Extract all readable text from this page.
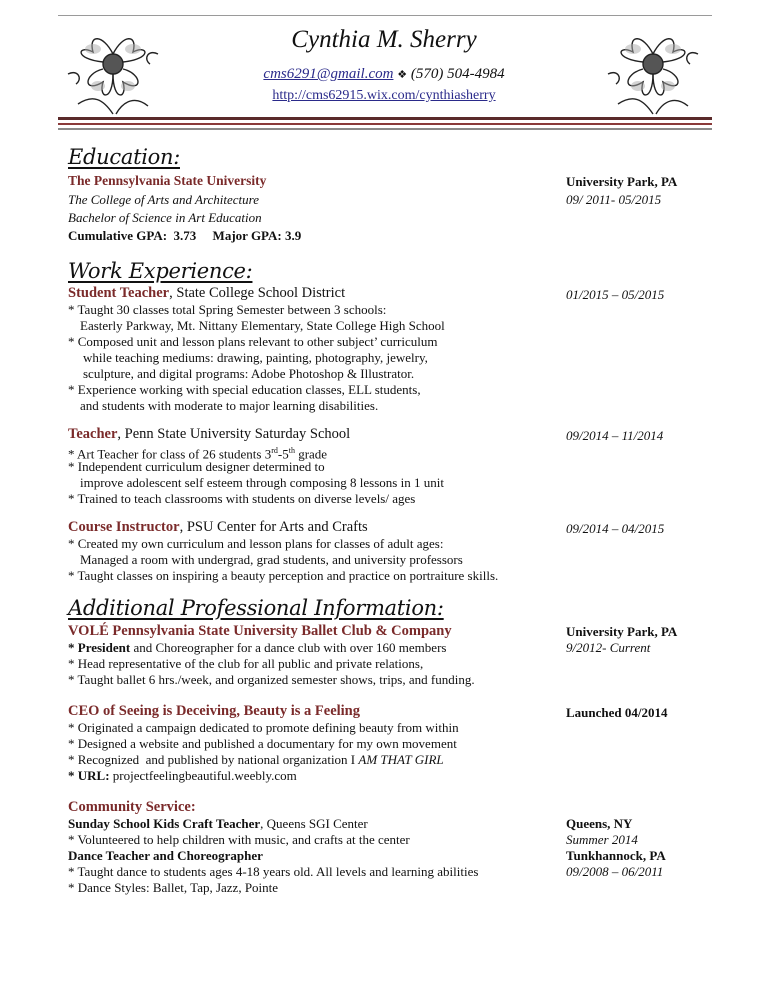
Cynthia M. Sherry
cms6291@gmail.com ❖ (570) 504-4984
http://cms62915.wix.com/cynthiasherry
Education:
The Pennsylvania State University	University Park, PA
The College of Arts and Architecture	09/ 2011- 05/2015
Bachelor of Science in Art Education
Cumulative GPA:  3.73     Major GPA: 3.9
Work Experience:
Student Teacher, State College School District	01/2015 – 05/2015
* Taught 30 classes total Spring Semester between 3 schools:
Easterly Parkway, Mt. Nittany Elementary, State College High School
* Composed unit and lesson plans relevant to other subject’ curriculum
while teaching mediums: drawing, painting, photography, jewelry,
sculpture, and digital programs: Adobe Photoshop & Illustrator.
* Experience working with special education classes, ELL students,
and students with moderate to major learning disabilities.
Teacher, Penn State University Saturday School	09/2014 – 11/2014
* Art Teacher for class of 26 students 3rd-5th grade
* Independent curriculum designer determined to
improve adolescent self esteem through composing 8 lessons in 1 unit
* Trained to teach classrooms with students on diverse levels/ ages
Course Instructor, PSU Center for Arts and Crafts	09/2014 – 04/2015
* Created my own curriculum and lesson plans for classes of adult ages:
Managed a room with undergrad, grad students, and university professors
* Taught classes on inspiring a beauty perception and practice on portraiture skills.
Additional Professional Information:
VOLÉ Pennsylvania State University Ballet Club & Company	University Park, PA
* President and Choreographer for a dance club with over 160 members	9/2012- Current
* Head representative of the club for all public and private relations,
* Taught ballet 6 hrs./week, and organized semester shows, trips, and funding.
CEO of Seeing is Deceiving, Beauty is a Feeling	Launched 04/2014
* Originated a campaign dedicated to promote defining beauty from within
* Designed a website and published a documentary for my own movement
* Recognized  and published by national organization I AM THAT GIRL
* URL: projectfeelingbeautiful.weebly.com
Community Service:
Sunday School Kids Craft Teacher, Queens SGI Center	Queens, NY
* Volunteered to help children with music, and crafts at the center	Summer 2014
Dance Teacher and Choreographer	Tunkhannock, PA
* Taught dance to students ages 4-18 years old. All levels and learning abilities	09/2008 – 06/2011
* Dance Styles: Ballet, Tap, Jazz, Pointe
